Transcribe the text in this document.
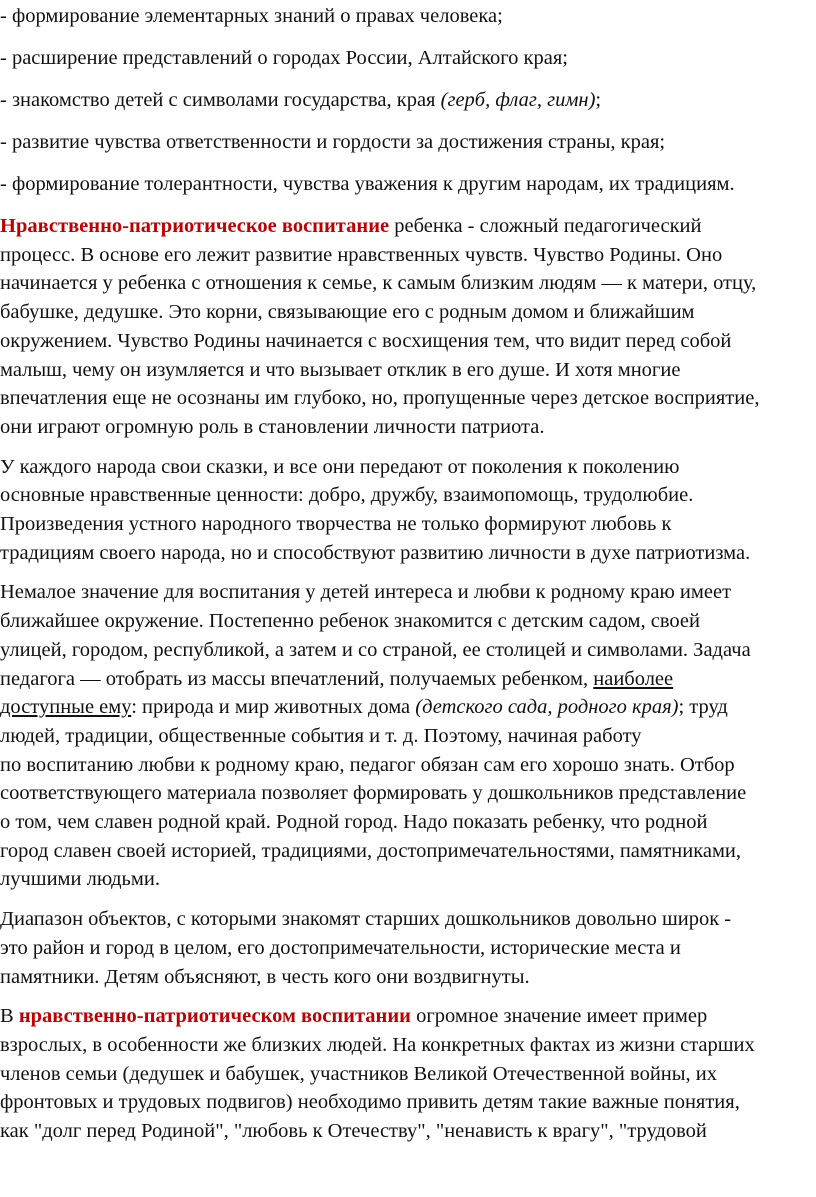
- формирование элементарных знаний о правах человека;

- расширение представлений о городах России, Алтайского края;

- знакомство детей с символами государства, края (герб, флаг, гимн);

- развитие чувства ответственности и гордости за достижения страны, края;

- формирование толерантности, чувства уважения к другим народам, их традициям.

Нравственно-патриотическое воспитание ребенка - сложный педагогический
процесс. В основе его лежит развитие нравственных чувств. Чувство Родины. Оно
начинается у ребенка с отношения к семье, к самым близким людям — к матери, отцу,
бабушке, дедушке. Это корни, связывающие его с родным домом и ближайшим
окружением. Чувство Родины начинается с восхищения тем, что видит перед собой
малыш, чему он изумляется и что вызывает отклик в его душе. И хотя многие
впечатления еще не осознаны им глубоко, но, пропущенные через детское восприятие,
они играют огромную роль в становлении личности патриота.

У каждого народа свои сказки, и все они передают от поколения к поколению
основные нравственные ценности: добро, дружбу, взаимопомощь, трудолюбие.
Произведения устного народного творчества не только формируют любовь к
традициям своего народа, но и способствуют развитию личности в духе патриотизма.

Немалое значение для воспитания у детей интереса и любви к родному краю имеет
ближайшее окружение. Постепенно ребенок знакомится с детским садом, своей
улицей, городом, республикой, а затем и со страной, ее столицей и символами. Задача
педагога — отобрать из массы впечатлений, получаемых ребенком, наиболее
доступные ему: природа и мир животных дома (детского сада, родного края); труд
людей, традиции, общественные события и т. д. Поэтому, начиная работу
по воспитанию любви к родному краю, педагог обязан сам его хорошо знать. Отбор
соответствующего материала позволяет формировать у дошкольников представление
о том, чем славен родной край. Родной город. Надо показать ребенку, что родной
город славен своей историей, традициями, достопримечательностями, памятниками,
лучшими людьми.

Диапазон объектов, с которыми знакомят старших дошкольников довольно широк -
это район и город в целом, его достопримечательности, исторические места и
памятники. Детям объясняют, в честь кого они воздвигнуты.

В нравственно-патриотическом воспитании огромное значение имеет пример
взрослых, в особенности же близких людей. На конкретных фактах из жизни старших
членов семьи (дедушек и бабушек, участников Великой Отечественной войны, их
фронтовых и трудовых подвигов) необходимо привить детям такие важные понятия,
как "долг перед Родиной", "любовь к Отечеству", "ненависть к врагу", "трудовой
